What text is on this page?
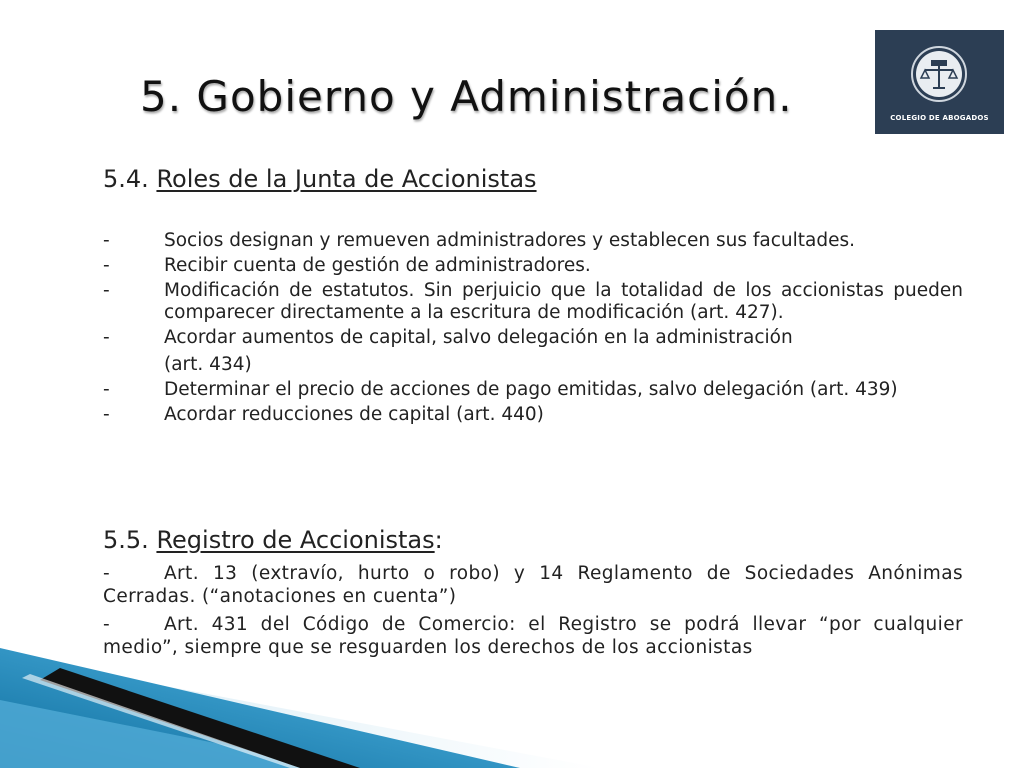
5. Gobierno y Administración.	COLEGIO DE ABOGADOS
5.4. Roles de la Junta de Accionistas
-	Socios designan y remueven administradores y establecen sus facultades.
-	Recibir cuenta de gestión de administradores.
-	Modificación de estatutos. Sin perjuicio que la totalidad de los accionistas pueden comparecer directamente a la escritura de modificación (art. 427).
-	Acordar aumentos de capital, salvo delegación en la administración
(art. 434)
-	Determinar el precio de acciones de pago emitidas, salvo delegación (art. 439)
-	Acordar reducciones de capital (art. 440)
5.5. Registro de Accionistas:
-	Art. 13 (extravío, hurto o robo) y 14 Reglamento de Sociedades Anónimas Cerradas. (“anotaciones en cuenta”)
-	Art. 431 del Código de Comercio: el Registro se podrá llevar “por cualquier medio”, siempre que se resguarden los derechos de los accionistas
